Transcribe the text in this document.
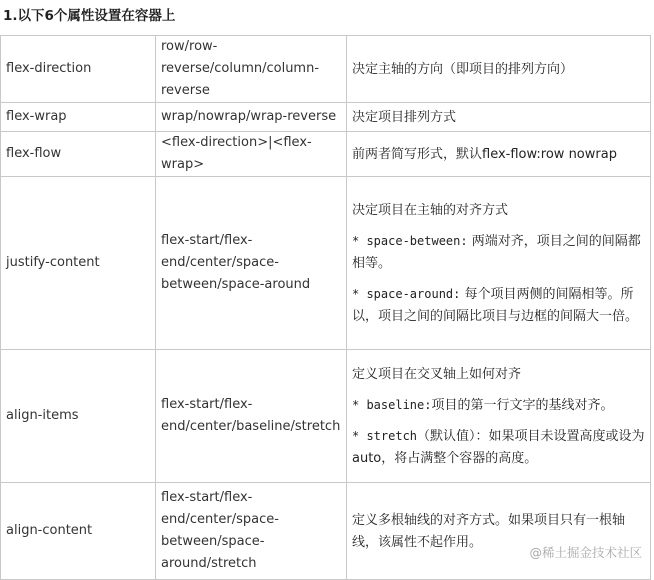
1.以下6个属性设置在容器上
flex-direction	row/row-reverse/column/column-reverse	决定主轴的方向（即项目的排列方向）

flex-wrap	wrap/nowrap/wrap-reverse	决定项目排列方式

flex-flow	<flex-direction>|<flex-wrap>	前两者简写形式，默认flex-flow:row nowrap

justify-content	flex-start/flex-end/center/space-between/space-around	决定项目在主轴的对齐方式
* space-between: 两端对齐，项目之间的间隔都相等。
* space-around: 每个项目两侧的间隔相等。所以，项目之间的间隔比项目与边框的间隔大一倍。

align-items	flex-start/flex-end/center/baseline/stretch	定义项目在交叉轴上如何对齐
* baseline:项目的第一行文字的基线对齐。
* stretch（默认值）：如果项目未设置高度或设为auto，将占满整个容器的高度。

align-content	flex-start/flex-end/center/space-between/space-around/stretch	定义多根轴线的对齐方式。如果项目只有一根轴线，该属性不起作用。
@稀土掘金技术社区
